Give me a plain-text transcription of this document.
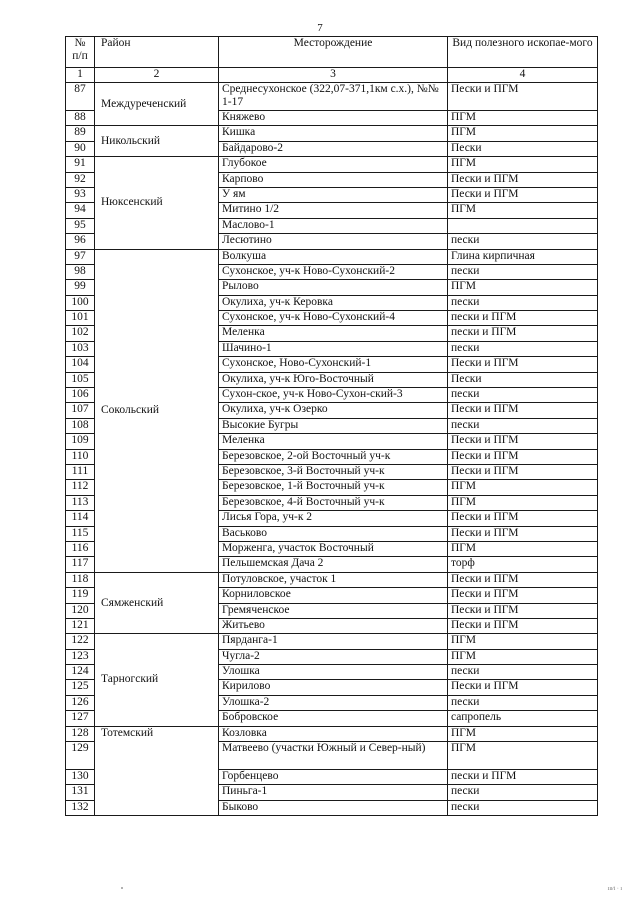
7
№ п/п	Район	Месторождение	Вид полезного ископае-мого
1	2	3	4
87	Междуреченский	Среднесухонское (322,07-371,1км с.х.), №№ 1-17	Пески и ПГМ
88		Княжево	ПГМ
89	Никольский	Кишка	ПГМ
90		Байдарово-2	Пески
91	Нюксенский	Глубокое	ПГМ
92		Карпово	Пески и ПГМ
93		У ям	Пески и ПГМ
94		Митино 1/2	ПГМ
95		Маслово-1	
96		Лесютино	пески
97	Сокольский	Волкуша	Глина кирпичная
98		Сухонское, уч-к Ново-Сухонский-2	пески
99		Рылово	ПГМ
100		Окулиха, уч-к Керовка	пески
101		Сухонское, уч-к Ново-Сухонский-4	пески и ПГМ
102		Меленка	пески и ПГМ
103		Шачино-1	пески
104		Сухонское, Ново-Сухонский-1	Пески и ПГМ
105		Окулиха, уч-к Юго-Восточный	Пески
106		Сухон-ское, уч-к Ново-Сухон-ский-3	пески
107		Окулиха, уч-к Озерко	Пески и ПГМ
108		Высокие Бугры	пески
109		Меленка	Пески и ПГМ
110		Березовское, 2-ой Восточный уч-к	Пески и ПГМ
111		Березовское, 3-й Восточный уч-к	Пески и ПГМ
112		Березовское, 1-й Восточный уч-к	ПГМ
113		Березовское, 4-й Восточный уч-к	ПГМ
114		Лисья Гора, уч-к 2	Пески и ПГМ
115		Васьково	Пески и ПГМ
116		Морженга, участок Восточный	ПГМ
117		Пельшемская Дача 2	торф
118	Сямженский	Потуловское, участок 1	Пески и ПГМ
119		Корниловское	Пески и ПГМ
120		Гремяченское	Пески и ПГМ
121		Житьево	Пески и ПГМ
122	Тарногский	Пярданга-1	ПГМ
123		Чугла-2	ПГМ
124		Улошка	пески
125		Кирилово	Пески и ПГМ
126		Улошка-2	пески
127		Бобровское	сапропель
128	Тотемский	Козловка	ПГМ
129		Матвеево (участки Южный и Север-ный)	ПГМ
130		Горбенцево	пески и ПГМ
131		Пиньга-1	пески
132		Быково	пески
ııı⁄ı · ı
